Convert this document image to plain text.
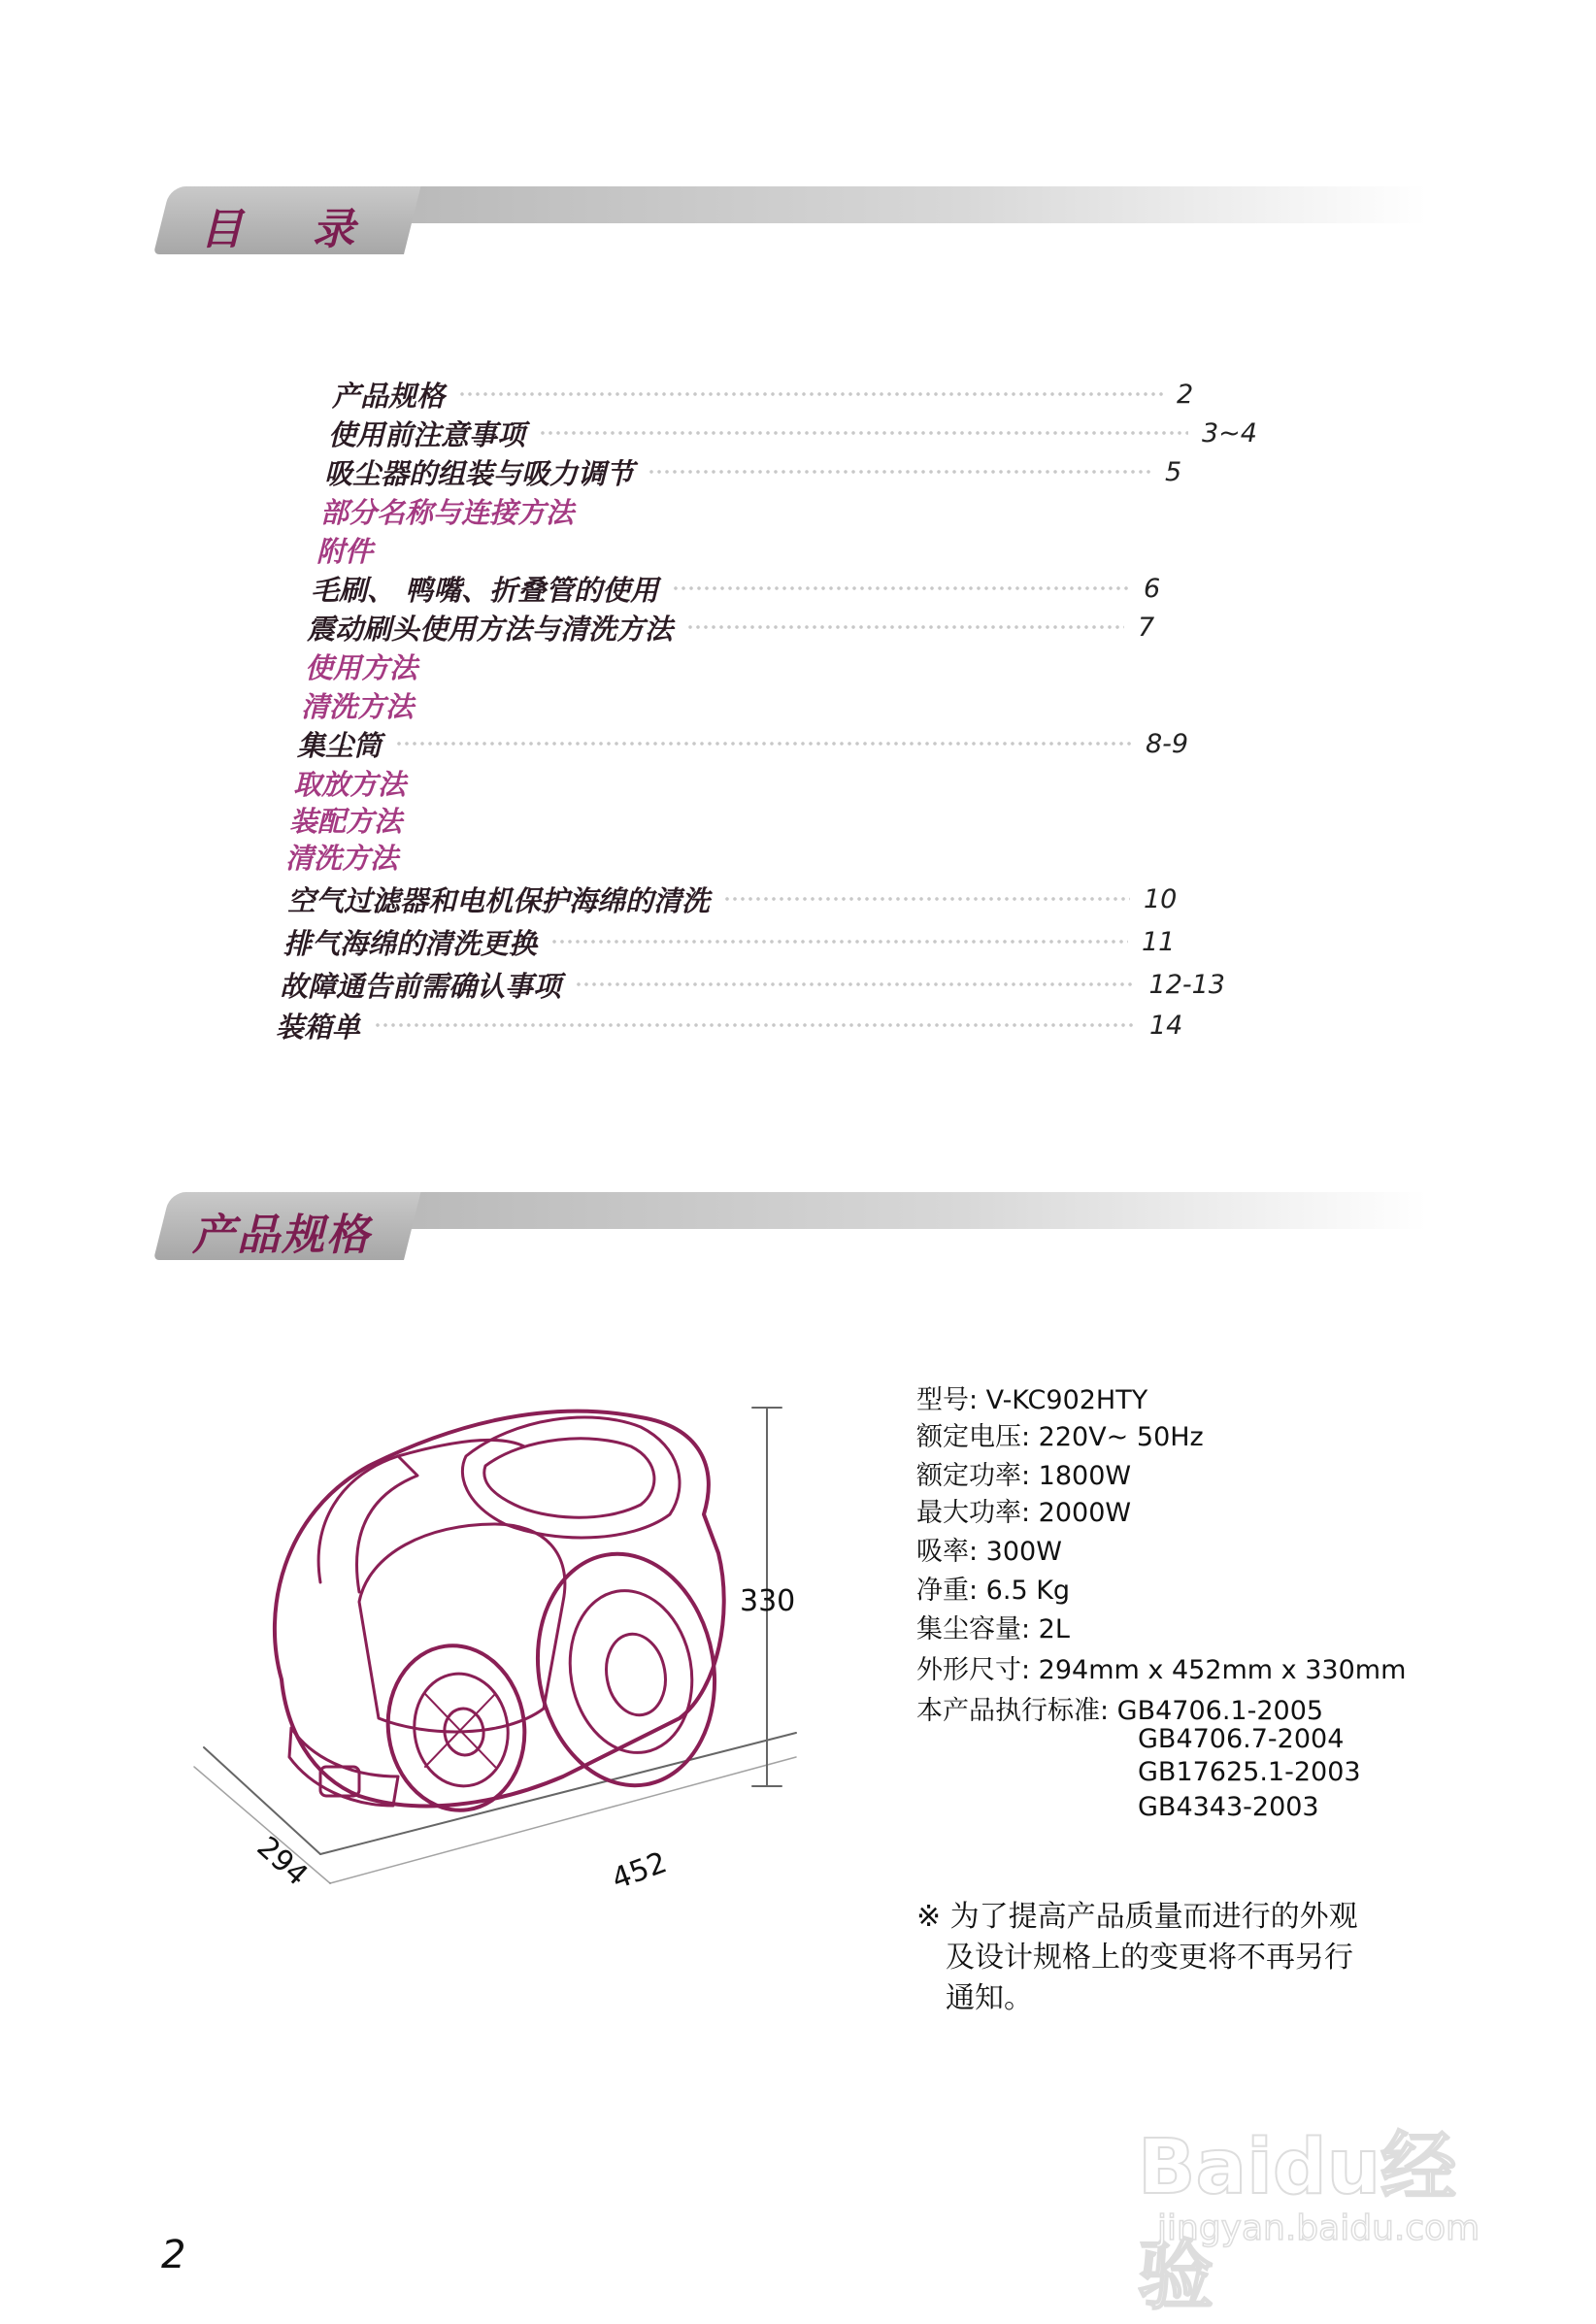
目 录
产品规格	2
使用前注意事项	3~4
吸尘器的组装与吸力调节	5
部分名称与连接方法
附件
毛刷、 鸭嘴、折叠管的使用	6
震动刷头使用方法与清洗方法	7
使用方法
清洗方法
集尘筒	8-9
取放方法
装配方法
清洗方法
空气过滤器和电机保护海绵的清洗	10
排气海绵的清洗更换	11
故障通告前需确认事项	12-13
装箱单	14
产品规格
330
294	452
型号: V-KC902HTY
额定电压: 220V~ 50Hz
额定功率: 1800W
最大功率: 2000W
吸率: 300W
净重: 6.5 Kg
集尘容量: 2L
外形尺寸: 294mm x 452mm x 330mm
本产品执行标准: GB4706.1-2005
GB4706.7-2004
GB17625.1-2003
GB4343-2003
※ 为了提高产品质量而进行的外观
及设计规格上的变更将不再另行
通知。
2
Baidu经验
jingyan.baidu.com
